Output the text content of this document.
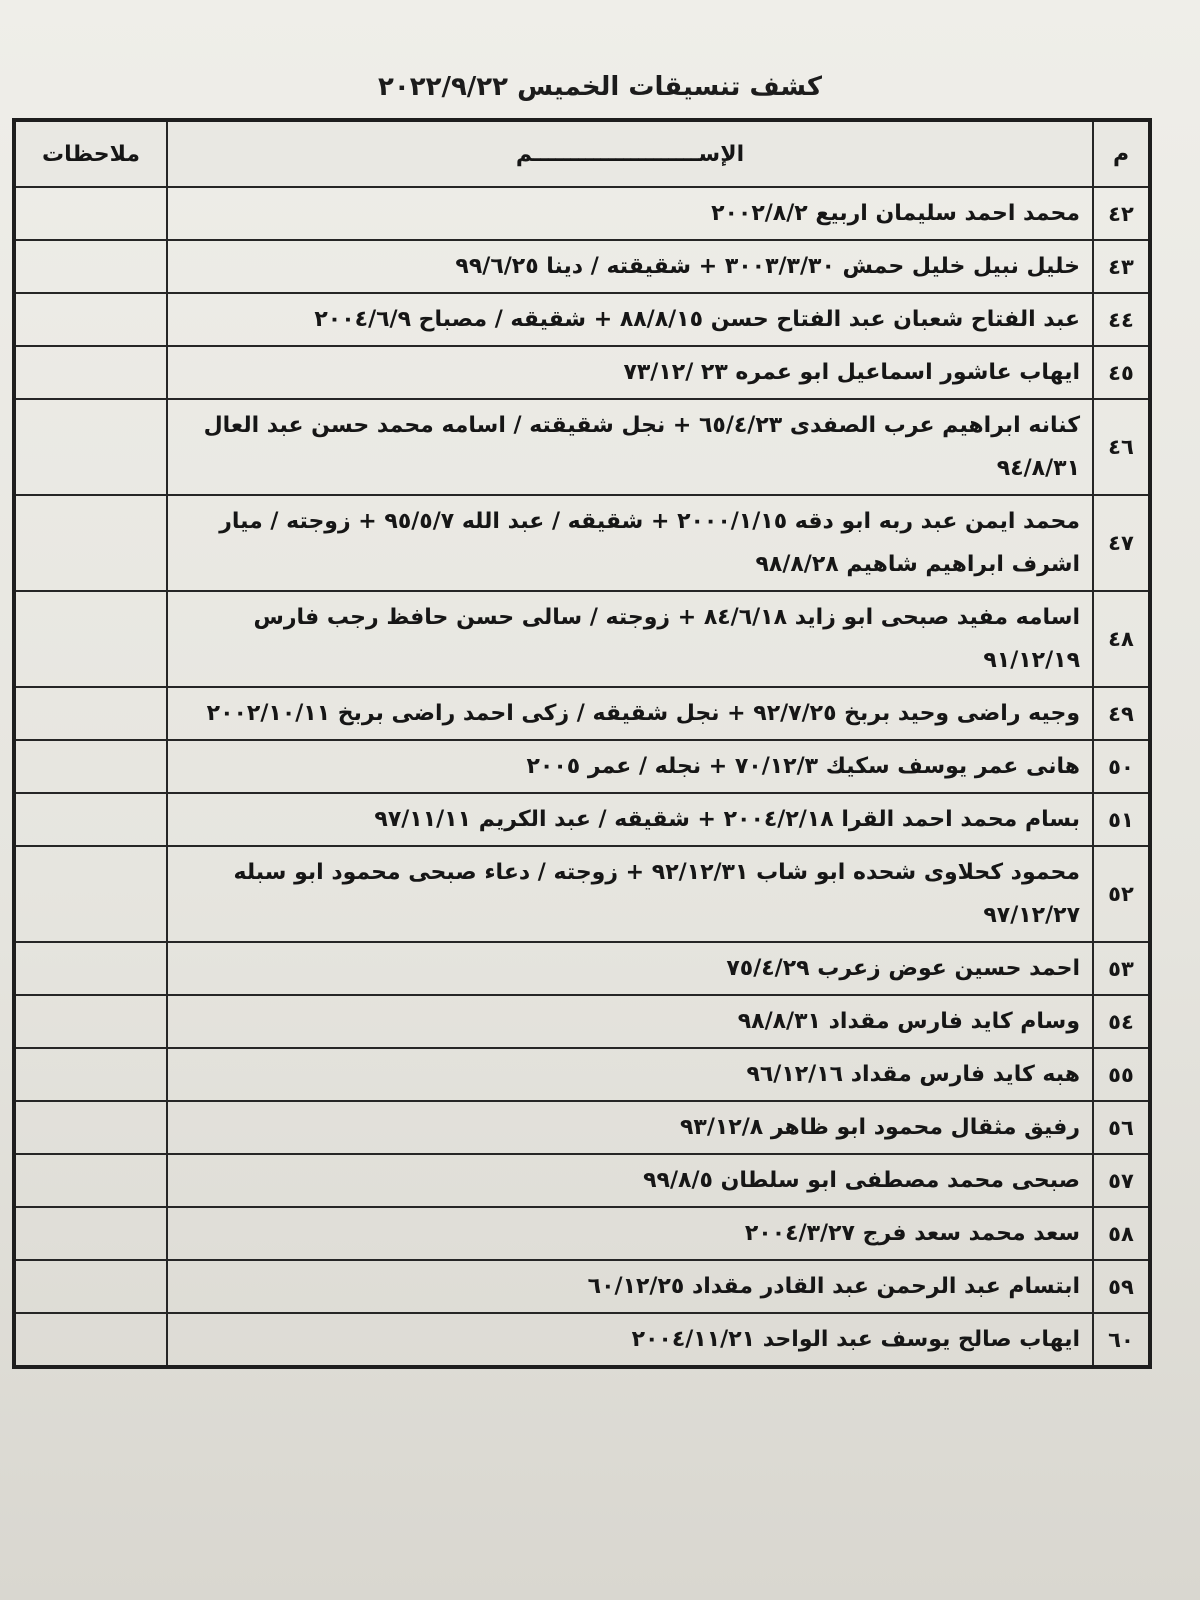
كشف تنسيقات الخميس ٢٠٢٢/٩/٢٢
م	الإســــــــــــــــــــــم	ملاحظات
٤٢	محمد احمد سليمان اربيع ٢٠٠٢/٨/٢	
٤٣	خليل نبيل خليل حمش ٣٠٠٣/٣/٣٠ + شقيقته / دينا ٩٩/٦/٢٥	
٤٤	عبد الفتاح شعبان عبد الفتاح حسن ٨٨/٨/١٥ + شقيقه / مصباح ٢٠٠٤/٦/٩	
٤٥	ايهاب عاشور اسماعيل ابو عمره ٢٣ /٧٣/١٢	
٤٦	كنانه ابراهيم عرب الصفدى ٦٥/٤/٢٣ + نجل شقيقته / اسامه محمد حسن عبد العال ٩٤/٨/٣١	
٤٧	محمد ايمن عبد ربه ابو دقه ٢٠٠٠/١/١٥ + شقيقه / عبد الله ٩٥/٥/٧ + زوجته / ميار اشرف ابراهيم شاهيم ٩٨/٨/٢٨	
٤٨	اسامه مفيد صبحى ابو زايد ٨٤/٦/١٨ + زوجته / سالى حسن حافظ رجب فارس ٩١/١٢/١٩	
٤٩	وجيه راضى وحيد بربخ ٩٢/٧/٢٥ + نجل شقيقه / زكى احمد راضى بربخ ٢٠٠٢/١٠/١١	
٥٠	هانى عمر يوسف سكيك ٧٠/١٢/٣ + نجله / عمر ٢٠٠٥	
٥١	بسام محمد احمد القرا ٢٠٠٤/٢/١٨ + شقيقه / عبد الكريم ٩٧/١١/١١	
٥٢	محمود كحلاوى شحده ابو شاب ٩٢/١٢/٣١ + زوجته / دعاء صبحى محمود ابو سبله ٩٧/١٢/٢٧	
٥٣	احمد حسين عوض زعرب ٧٥/٤/٢٩	
٥٤	وسام كايد فارس مقداد ٩٨/٨/٣١	
٥٥	هبه كايد فارس مقداد ٩٦/١٢/١٦	
٥٦	رفيق مثقال محمود ابو ظاهر ٩٣/١٢/٨	
٥٧	صبحى محمد مصطفى ابو سلطان ٩٩/٨/٥	
٥٨	سعد محمد سعد فرج ٢٠٠٤/٣/٢٧	
٥٩	ابتسام عبد الرحمن عبد القادر مقداد ٦٠/١٢/٢٥	
٦٠	ايهاب صالح يوسف عبد الواحد ٢٠٠٤/١١/٢١	
